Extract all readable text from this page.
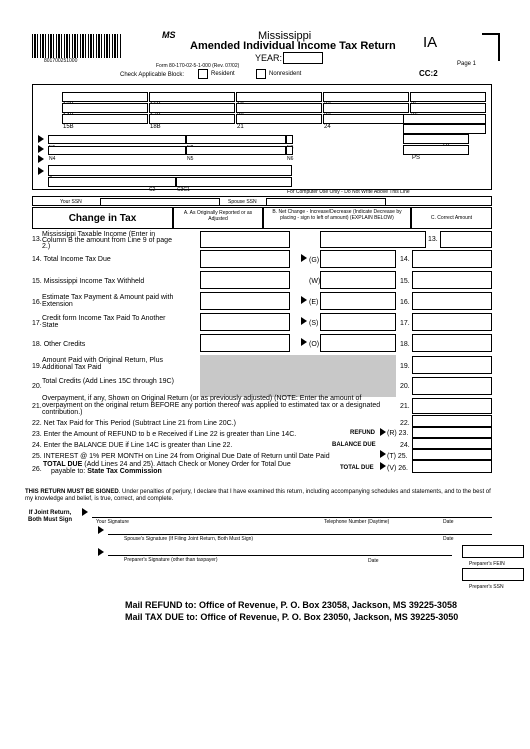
801700251000
MS	Mississippi
Amended Individual Income Tax Return
YEAR:
Form 80-170-02-5-1-000 (Rev. 07/02)
Check Applicable Block:	Resident	Nonresident
IA
Page 1
CC:2
15B	18B	21	24
PS
N4	N5	N6
C2	C3C1	For Computer Use Only - Do Not Write Above This Line
Your SSN	Spouse SSN
Change in Tax	A. As Originally Reported or as Adjusted
B. Net Change - Increase/Decrease (Indicate Decrease by placing - sign to left of amount) (EXPLAIN BELOW)	C. Correct Amount
13.
Mississippi Taxable Income (Enter in Column B the amount from Line 9 of page 2.)
13.
14. Total Income Tax Due	(G)	14.
15. Mississippi Income Tax Withheld	(W)	15.
16.
Estimate Tax Payment & Amount paid with Extension	(E)	16.
17.
Credit form Income Tax Paid To Another State	(S)	17.
18. Other Credits	(O)	18.
19.
Amount Paid with Original Return, Plus Additional Tax Paid	19.
20.
Total Credits (Add Lines 15C through 19C)
20.
21.
Overpayment, if any, Shown on Original Return (or as previously adjusted) (NOTE: Enter the amount of overpayment on the original return BEFORE any portion thereof was applied to estimated tax or a designated contribution.)
21.
22. Net Tax Paid for This Period (Subtract Line 21 from Line 20C.)	22.
23. Enter the Amount of REFUND to b e Received if Line 22 is greater than Line 14C.	REFUND (R) 23.
24. Enter the BALANCE DUE if Line 14C is greater than Line 22.	BALANCE DUE	24.
25. INTEREST @ 1% PER MONTH on Line 24 from Original Due Date of Return until Date Paid	(T) 25.
26.
TOTAL DUE (Add Lines 24 and 25). Attach Check or Money Order for Total Due
payable to: State Tax Commission	TOTAL DUE (V) 26.
THIS RETURN MUST BE SIGNED. Under penalties of perjury, I declare that I have examined this return, including accompanying schedules and statements, and to the best of my knowledge and belief, is true, correct, and complete.
If Joint Return, Both Must Sign	Your Signature	Telephone Number (Daytime)	Date
Spouse's Signature (If Filing Joint Return, Both Must Sign)	Date
Preparer's Signature (other than taxpayer)	Date	Preparer's FEIN
Preparer's SSN
Mail REFUND to: Office of Revenue, P. O. Box 23058, Jackson, MS 39225-3058
Mail TAX DUE to: Office of Revenue, P. O. Box 23050, Jackson, MS 39225-3050
